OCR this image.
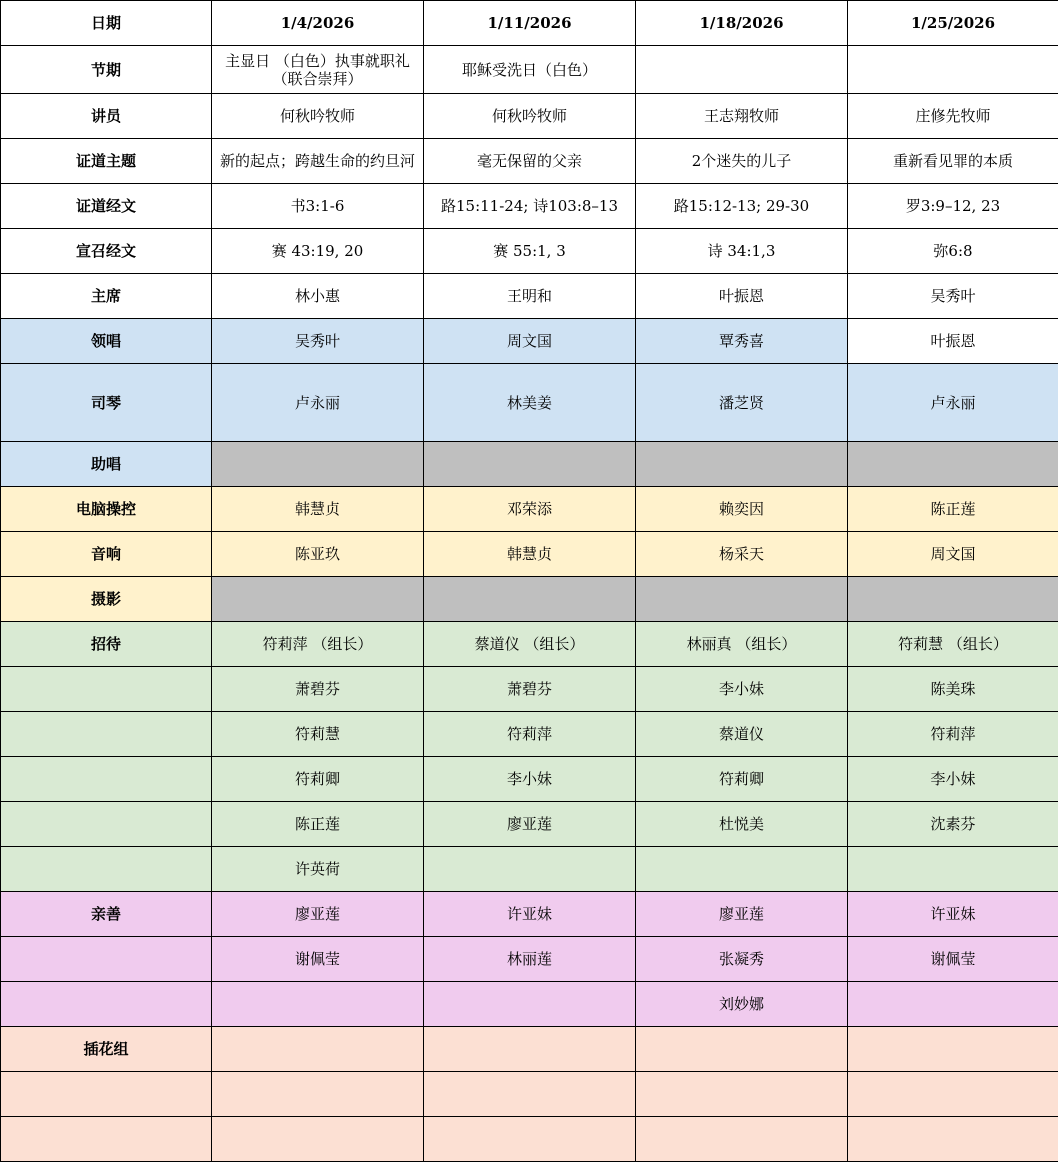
日期	1/4/2026	1/11/2026	1/18/2026	1/25/2026
节期	主显日 （白色）执事就职礼（联合崇拜）	耶稣受洗日（白色）		
讲员	何秋吟牧师	何秋吟牧师	王志翔牧师	庄修先牧师
证道主题	新的起点；跨越生命的约旦河	毫无保留的父亲	2个迷失的儿子	重新看见罪的本质
证道经文	书3:1-6	路15:11-24; 诗103:8–13	路15:12-13; 29-30	罗3:9–12, 23
宣召经文	赛 43:19, 20	赛 55:1, 3	诗 34:1,3	弥6:8
主席	林小惠	王明和	叶振恩	吴秀叶
领唱	吴秀叶	周文国	覃秀喜	叶振恩
司琴	卢永丽	林美姜	潘芝贤	卢永丽
助唱				
电脑操控	韩慧贞	邓荣添	赖奕因	陈正莲
音响	陈亚玖	韩慧贞	杨采天	周文国
摄影				
招待	符莉萍 （组长）	蔡道仪 （组长）	林丽真 （组长）	符莉慧 （组长）
	萧碧芬	萧碧芬	李小妹	陈美珠
	符莉慧	符莉萍	蔡道仪	符莉萍
	符莉卿	李小妹	符莉卿	李小妹
	陈正莲	廖亚莲	杜悦美	沈素芬
	许英荷			
亲善	廖亚莲	许亚妹	廖亚莲	许亚妹
	谢佩莹	林丽莲	张凝秀	谢佩莹
			刘妙娜	
插花组				
